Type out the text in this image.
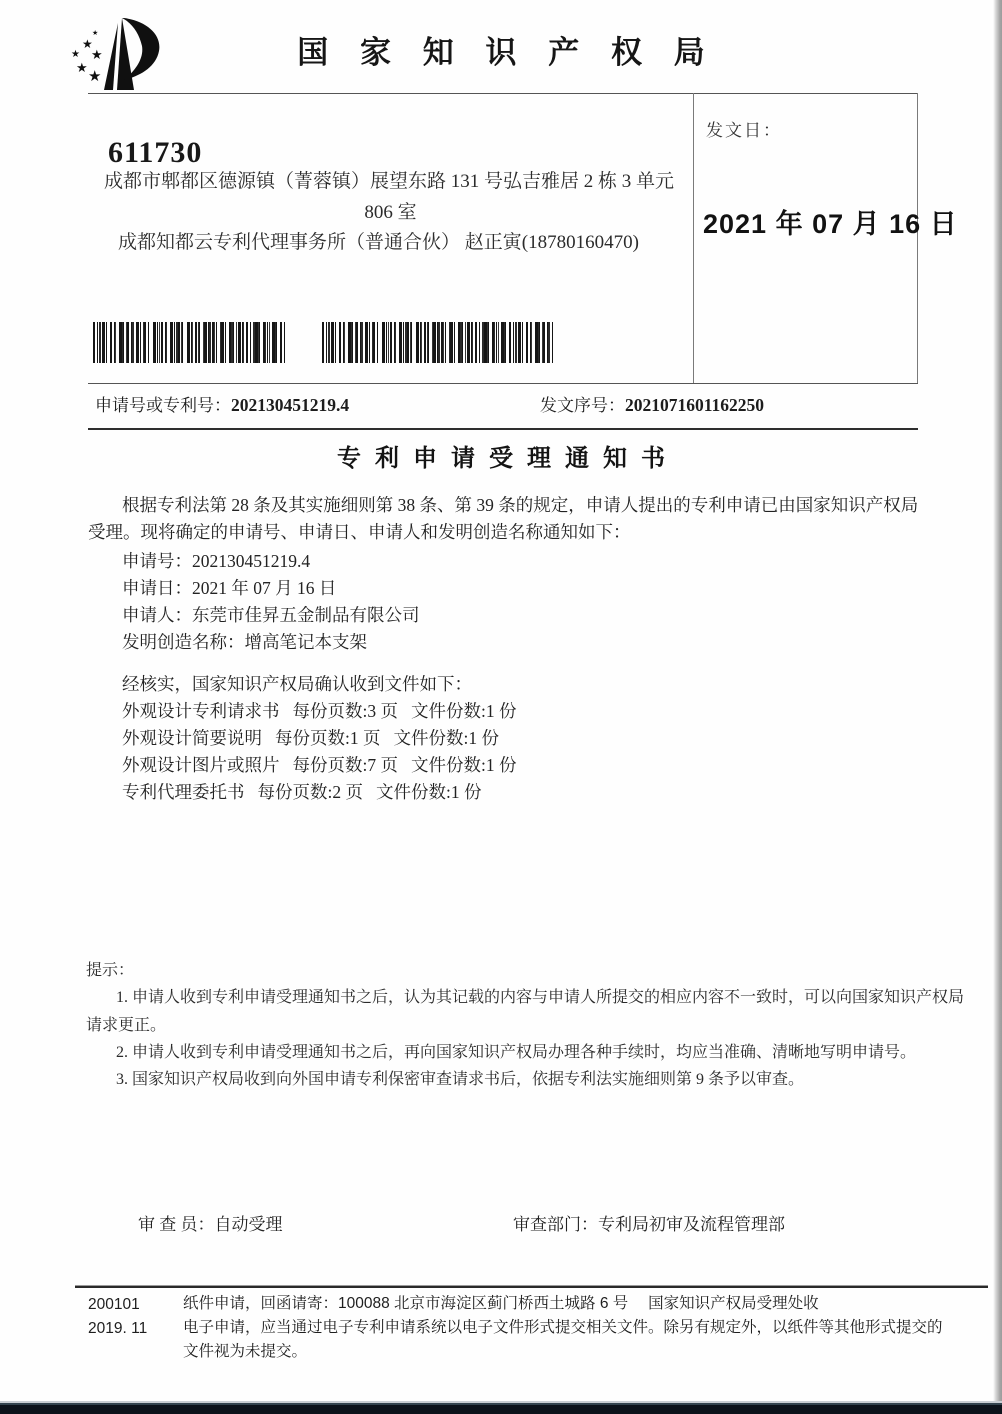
★
★
★
★
★
★
国 家 知 识 产 权 局
611730
成都市郫都区德源镇（菁蓉镇）展望东路 131 号弘吉雅居 2 栋 3 单元
806 室
成都知都云专利代理事务所（普通合伙） 赵正寅(18780160470)
发文日：
2021 年 07 月 16 日
申请号或专利号：202130451219.4	发文序号：2021071601162250
专利申请受理通知书
根据专利法第 28 条及其实施细则第 38 条、第 39 条的规定，申请人提出的专利申请已由国家知识产权局
受理。现将确定的申请号、申请日、申请人和发明创造名称通知如下：
申请号：202130451219.4
申请日：2021 年 07 月 16 日
申请人：东莞市佳昇五金制品有限公司
发明创造名称：增高笔记本支架
经核实，国家知识产权局确认收到文件如下：
外观设计专利请求书 每份页数:3 页 文件份数:1 份
外观设计简要说明 每份页数:1 页 文件份数:1 份
外观设计图片或照片 每份页数:7 页 文件份数:1 份
专利代理委托书 每份页数:2 页 文件份数:1 份
提示：
1. 申请人收到专利申请受理通知书之后，认为其记载的内容与申请人所提交的相应内容不一致时，可以向国家知识产权局
请求更正。
2. 申请人收到专利申请受理通知书之后，再向国家知识产权局办理各种手续时，均应当准确、清晰地写明申请号。
3. 国家知识产权局收到向外国申请专利保密审查请求书后，依据专利法实施细则第 9 条予以审查。
审 查 员：自动受理	审查部门：专利局初审及流程管理部
200101
2019. 11
纸件申请，回函请寄：100088 北京市海淀区蓟门桥西土城路 6 号　 国家知识产权局受理处收
电子申请，应当通过电子专利申请系统以电子文件形式提交相关文件。除另有规定外，以纸件等其他形式提交的
文件视为未提交。
